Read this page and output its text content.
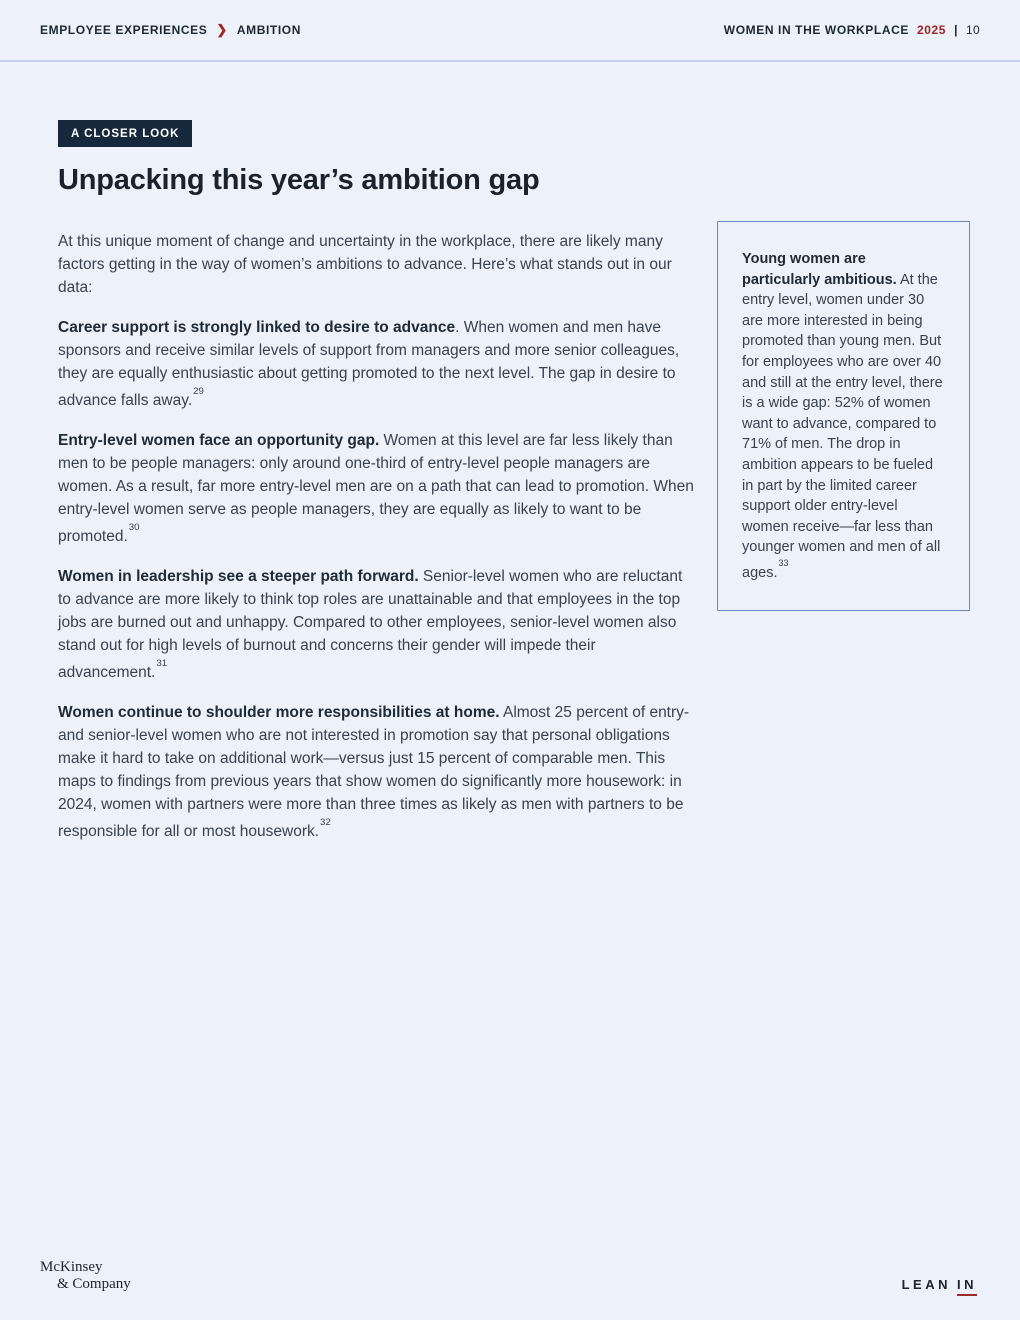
EMPLOYEE EXPERIENCES ❯ AMBITION	WOMEN IN THE WORKPLACE 2025 | 10
A CLOSER LOOK
Unpacking this year’s ambition gap

At this unique moment of change and uncertainty in the workplace, there are likely many factors getting in the way of women’s ambitions to advance. Here’s what stands out in our data:

Career support is strongly linked to desire to advance. When women and men have sponsors and receive similar levels of support from managers and more senior colleagues, they are equally enthusiastic about getting promoted to the next level. The gap in desire to advance falls away.$^{29}$

Entry-level women face an opportunity gap. Women at this level are far less likely than men to be people managers: only around one-third of entry-level people managers are women. As a result, far more entry-level men are on a path that can lead to promotion. When entry-level women serve as people managers, they are equally as likely to want to be promoted.$^{30}$

Women in leadership see a steeper path forward. Senior-level women who are reluctant to advance are more likely to think top roles are unattainable and that employees in the top jobs are burned out and unhappy. Compared to other employees, senior-level women also stand out for high levels of burnout and concerns their gender will impede their advancement.$^{31}$

Women continue to shoulder more responsibilities at home. Almost 25 percent of entry- and senior-level women who are not interested in promotion say that personal obligations make it hard to take on additional work—versus just 15 percent of comparable men. This maps to findings from previous years that show women do significantly more housework: in 2024, women with partners were more than three times as likely as men with partners to be responsible for all or most housework.$^{32}$

Young women are particularly ambitious. At the entry level, women under 30 are more interested in being promoted than young men. But for employees who are over 40 and still at the entry level, there is a wide gap: 52% of women want to advance, compared to 71% of men. The drop in ambition appears to be fueled in part by the limited career support older entry-level women receive—far less than younger women and men of all ages.$^{33}$
McKinsey
& Company	LEAN IN
